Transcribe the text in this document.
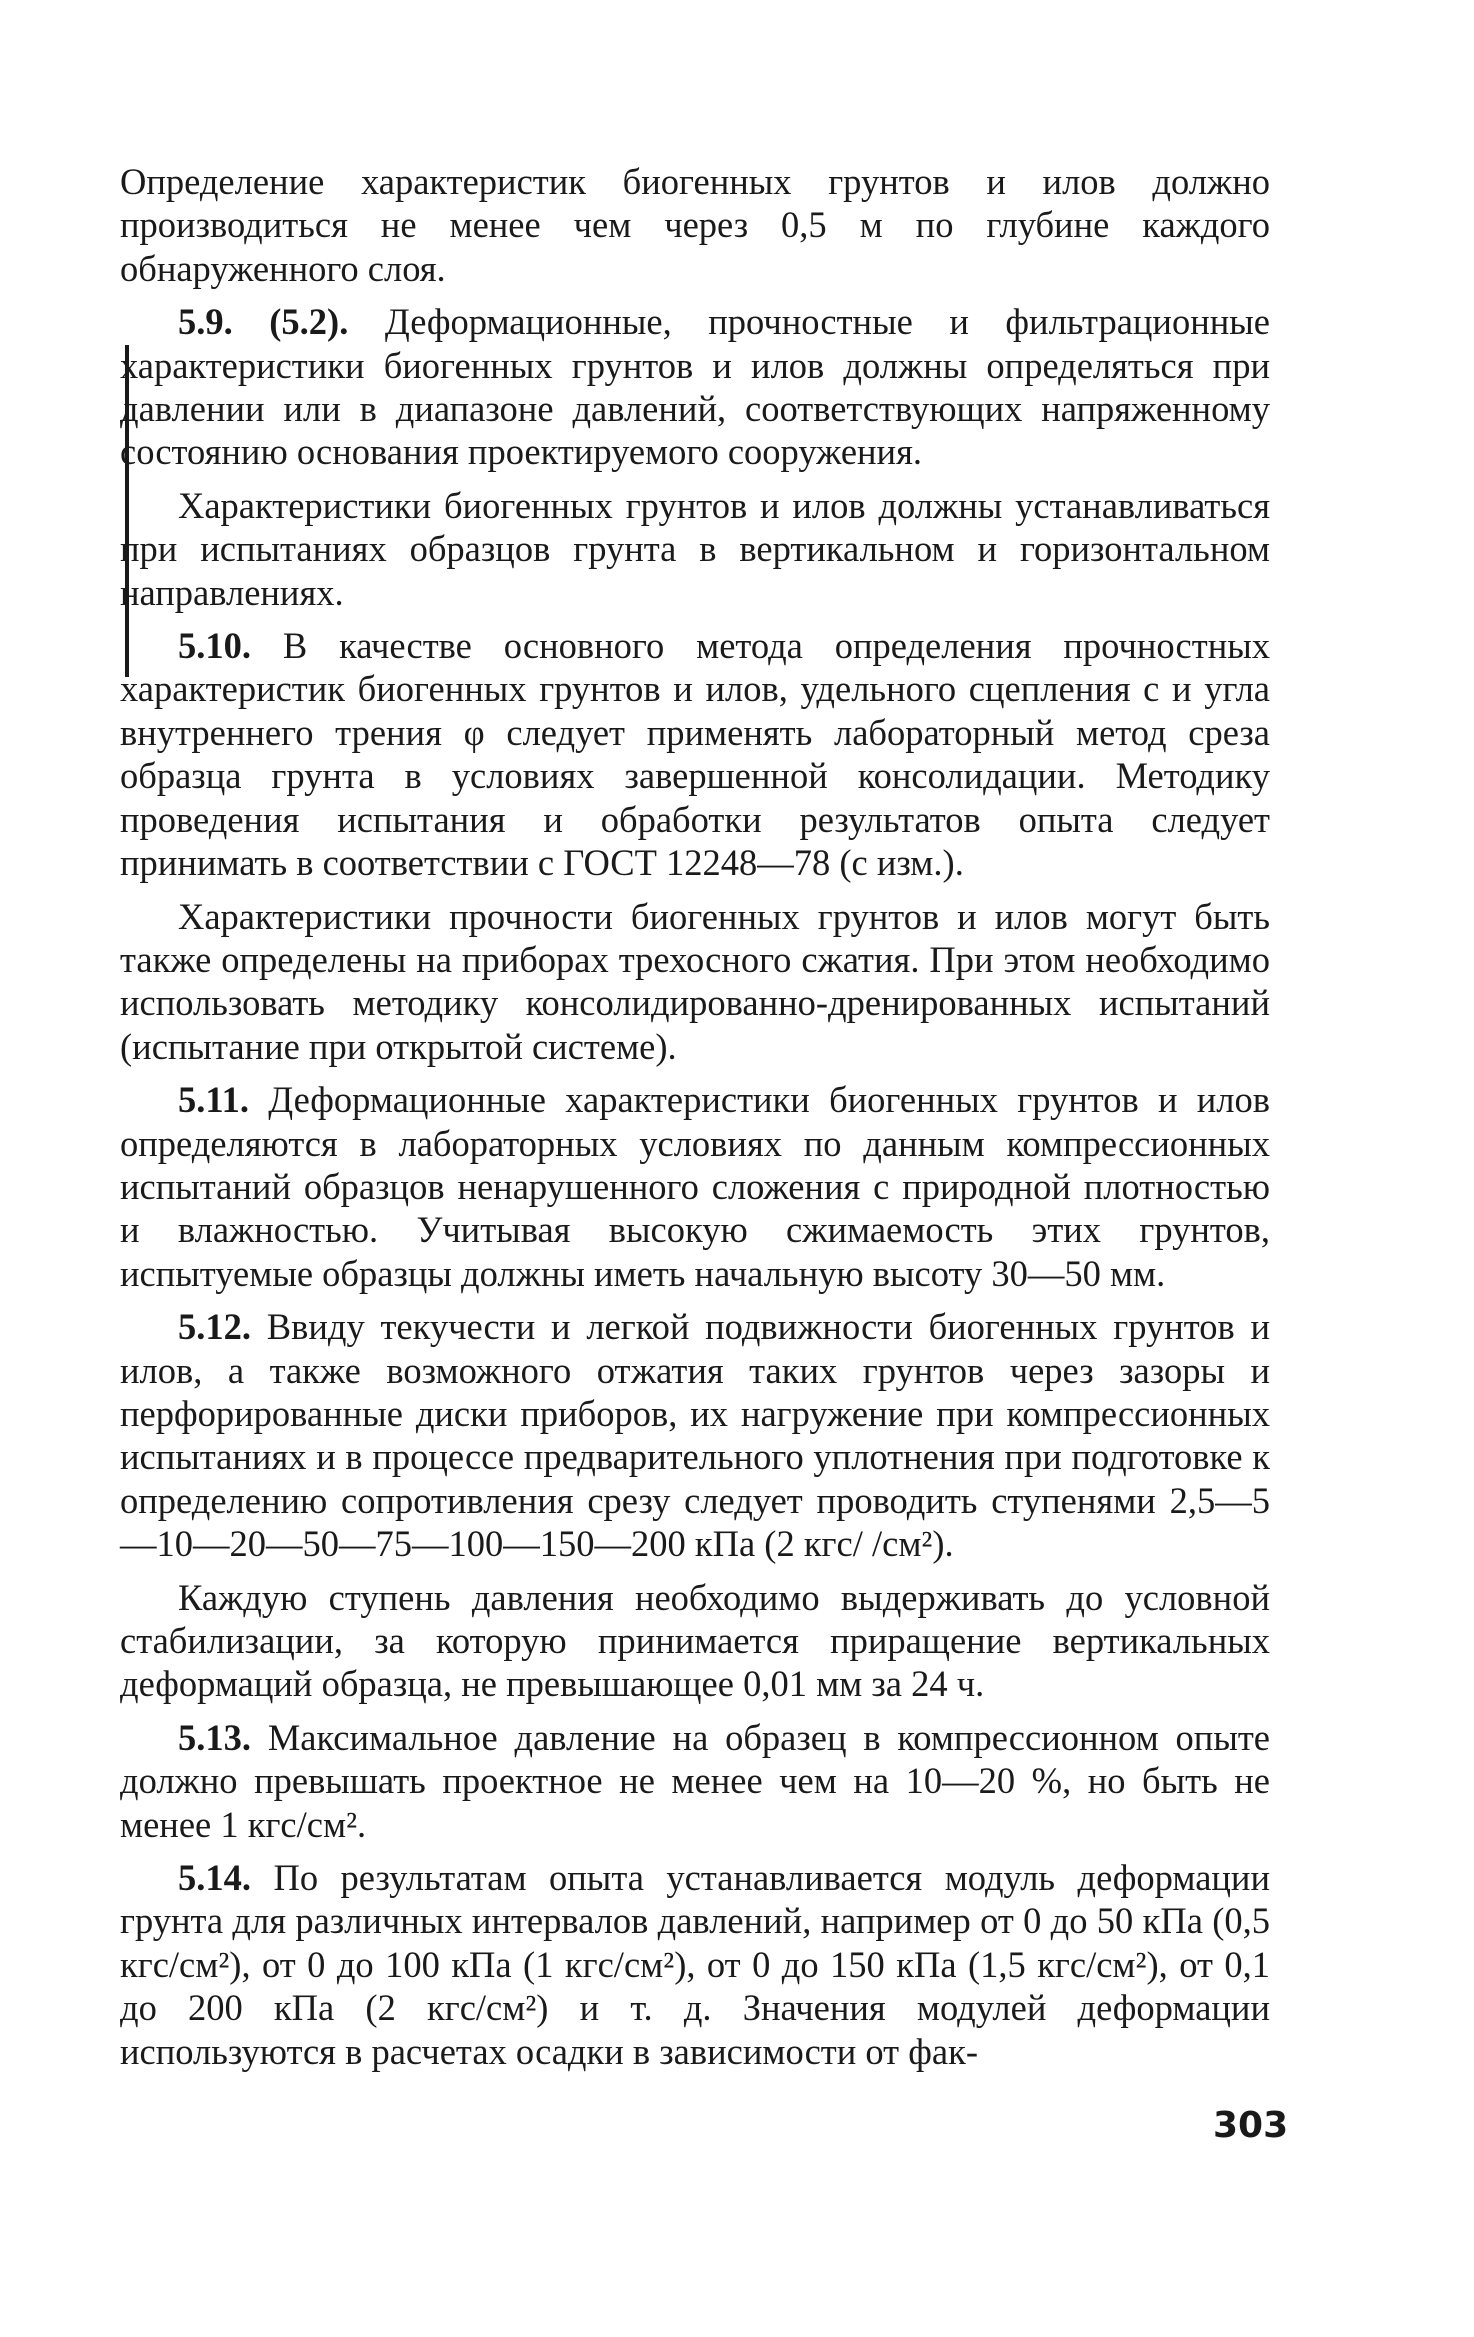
Определение характеристик биогенных грунтов и илов должно производиться не менее чем через 0,5 м по глубине каждого обнаруженного слоя.

5.9. (5.2). Деформационные, прочностные и фильтрационные характеристики биогенных грунтов и илов должны определяться при давлении или в диапазоне давлений, соответствующих напряженному состоянию основания проектируемого сооружения.

Характеристики биогенных грунтов и илов должны устанавливаться при испытаниях образцов грунта в вертикальном и горизонтальном направлениях.

5.10. В качестве основного метода определения прочностных характеристик биогенных грунтов и илов, удельного сцепления c и угла внутреннего трения φ следует применять лабораторный метод среза образца грунта в условиях завершенной консолидации. Методику проведения испытания и обработки результатов опыта следует принимать в соответствии с ГОСТ 12248—78 (с изм.).

Характеристики прочности биогенных грунтов и илов могут быть также определены на приборах трехосного сжатия. При этом необходимо использовать методику консолидированно-дренированных испытаний (испытание при открытой системе).

5.11. Деформационные характеристики биогенных грунтов и илов определяются в лабораторных условиях по данным компрессионных испытаний образцов ненарушенного сложения с природной плотностью и влажностью. Учитывая высокую сжимаемость этих грунтов, испытуемые образцы должны иметь начальную высоту 30—50 мм.

5.12. Ввиду текучести и легкой подвижности биогенных грунтов и илов, а также возможного отжатия таких грунтов через зазоры и перфорированные диски приборов, их нагружение при компрессионных испытаниях и в процессе предварительного уплотнения при подготовке к определению сопротивления срезу следует проводить ступенями 2,5—5—10—20—50—75—100—150—200 кПа (2 кгс/ /см²).

Каждую ступень давления необходимо выдерживать до условной стабилизации, за которую принимается приращение вертикальных деформаций образца, не превышающее 0,01 мм за 24 ч.

5.13. Максимальное давление на образец в компрессионном опыте должно превышать проектное не менее чем на 10—20 %, но быть не менее 1 кгс/см².

5.14. По результатам опыта устанавливается модуль деформации грунта для различных интервалов давлений, например от 0 до 50 кПа (0,5 кгс/см²), от 0 до 100 кПа (1 кгс/см²), от 0 до 150 кПа (1,5 кгс/см²), от 0,1 до 200 кПа (2 кгс/см²) и т. д. Значения модулей деформации используются в расчетах осадки в зависимости от фак-

303
